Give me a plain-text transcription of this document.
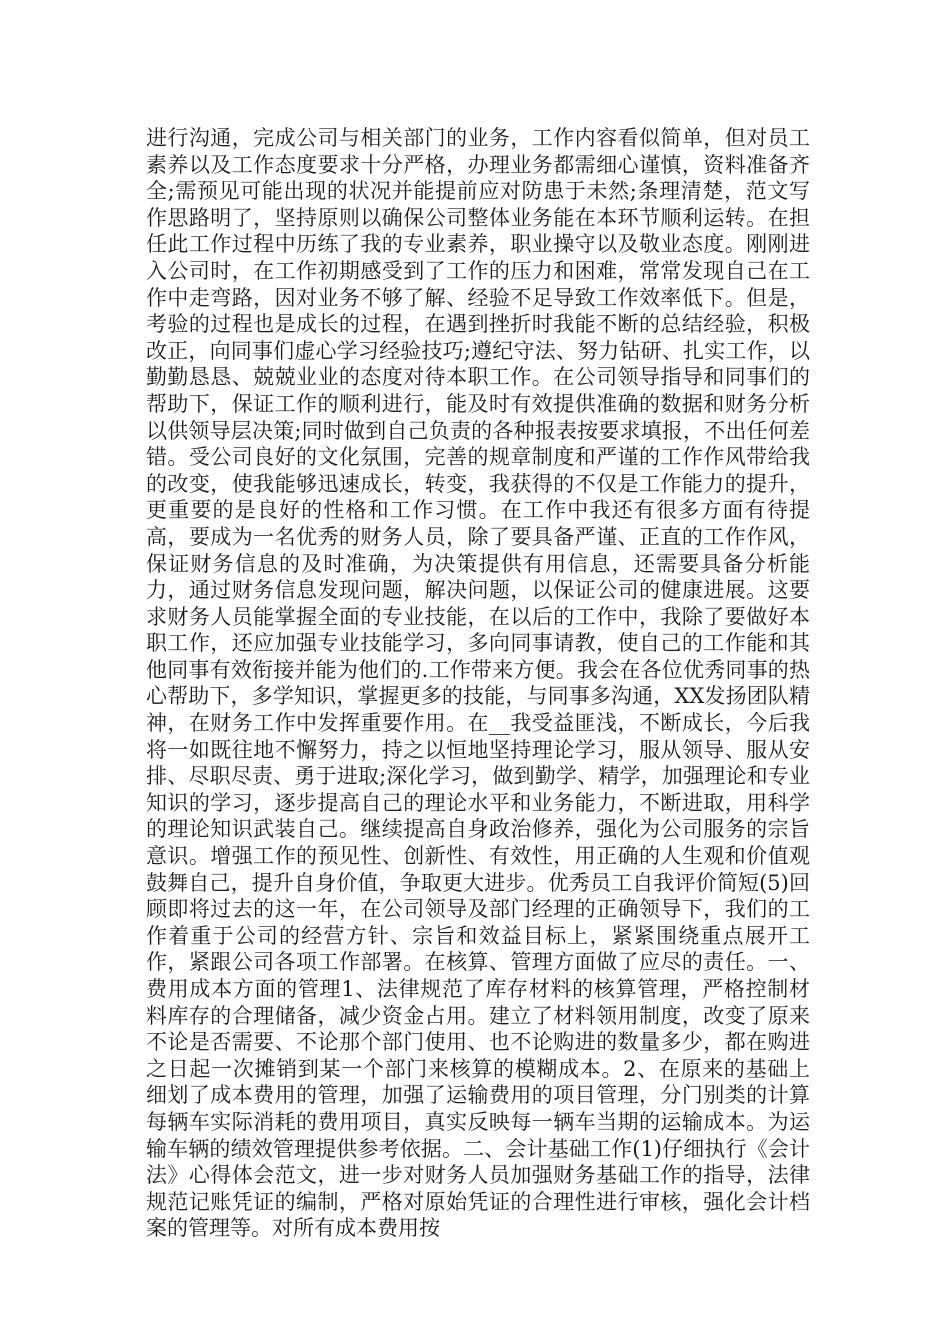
进行沟通，完成公司与相关部门的业务，工作内容看似简单，但对员工素养以及工作态度要求十分严格，办理业务都需细心谨慎，资料准备齐全;需预见可能出现的状况并能提前应对防患于未然;条理清楚，范文写作思路明了，坚持原则以确保公司整体业务能在本环节顺利运转。在担任此工作过程中历练了我的专业素养，职业操守以及敬业态度。刚刚进入公司时，在工作初期感受到了工作的压力和困难，常常发现自己在工作中走弯路，因对业务不够了解、经验不足导致工作效率低下。但是，考验的过程也是成长的过程，在遇到挫折时我能不断的总结经验，积极改正，向同事们虚心学习经验技巧;遵纪守法、努力钻研、扎实工作，以勤勤恳恳、兢兢业业的态度对待本职工作。在公司领导指导和同事们的帮助下，保证工作的顺利进行，能及时有效提供准确的数据和财务分析以供领导层决策;同时做到自己负责的各种报表按要求填报，不出任何差错。受公司良好的文化氛围，完善的规章制度和严谨的工作作风带给我的改变，使我能够迅速成长，转变，我获得的不仅是工作能力的提升，更重要的是良好的性格和工作习惯。在工作中我还有很多方面有待提高，要成为一名优秀的财务人员，除了要具备严谨、正直的工作作风，保证财务信息的及时准确，为决策提供有用信息，还需要具备分析能力，通过财务信息发现问题，解决问题，以保证公司的健康进展。这要求财务人员能掌握全面的专业技能，在以后的工作中，我除了要做好本职工作，还应加强专业技能学习，多向同事请教，使自己的工作能和其他同事有效衔接并能为他们的.工作带来方便。我会在各位优秀同事的热心帮助下，多学知识，掌握更多的技能，与同事多沟通，XX发扬团队精神，在财务工作中发挥重要作用。在__我受益匪浅，不断成长，今后我将一如既往地不懈努力，持之以恒地坚持理论学习，服从领导、服从安排、尽职尽责、勇于进取;深化学习，做到勤学、精学，加强理论和专业知识的学习，逐步提高自己的理论水平和业务能力，不断进取，用科学的理论知识武装自己。继续提高自身政治修养，强化为公司服务的宗旨意识。增强工作的预见性、创新性、有效性，用正确的人生观和价值观鼓舞自己，提升自身价值，争取更大进步。优秀员工自我评价简短(5)回顾即将过去的这一年，在公司领导及部门经理的正确领导下，我们的工作着重于公司的经营方针、宗旨和效益目标上，紧紧围绕重点展开工作，紧跟公司各项工作部署。在核算、管理方面做了应尽的责任。一、费用成本方面的管理1、法律规范了库存材料的核算管理，严格控制材料库存的合理储备，减少资金占用。建立了材料领用制度，改变了原来不论是否需要、不论那个部门使用、也不论购进的数量多少，都在购进之日起一次摊销到某一个部门来核算的模糊成本。2、在原来的基础上细划了成本费用的管理，加强了运输费用的项目管理，分门别类的计算每辆车实际消耗的费用项目，真实反映每一辆车当期的运输成本。为运输车辆的绩效管理提供参考依据。二、会计基础工作(1)仔细执行《会计法》心得体会范文，进一步对财务人员加强财务基础工作的指导，法律规范记账凭证的编制，严格对原始凭证的合理性进行审核，强化会计档案的管理等。对所有成本费用按
